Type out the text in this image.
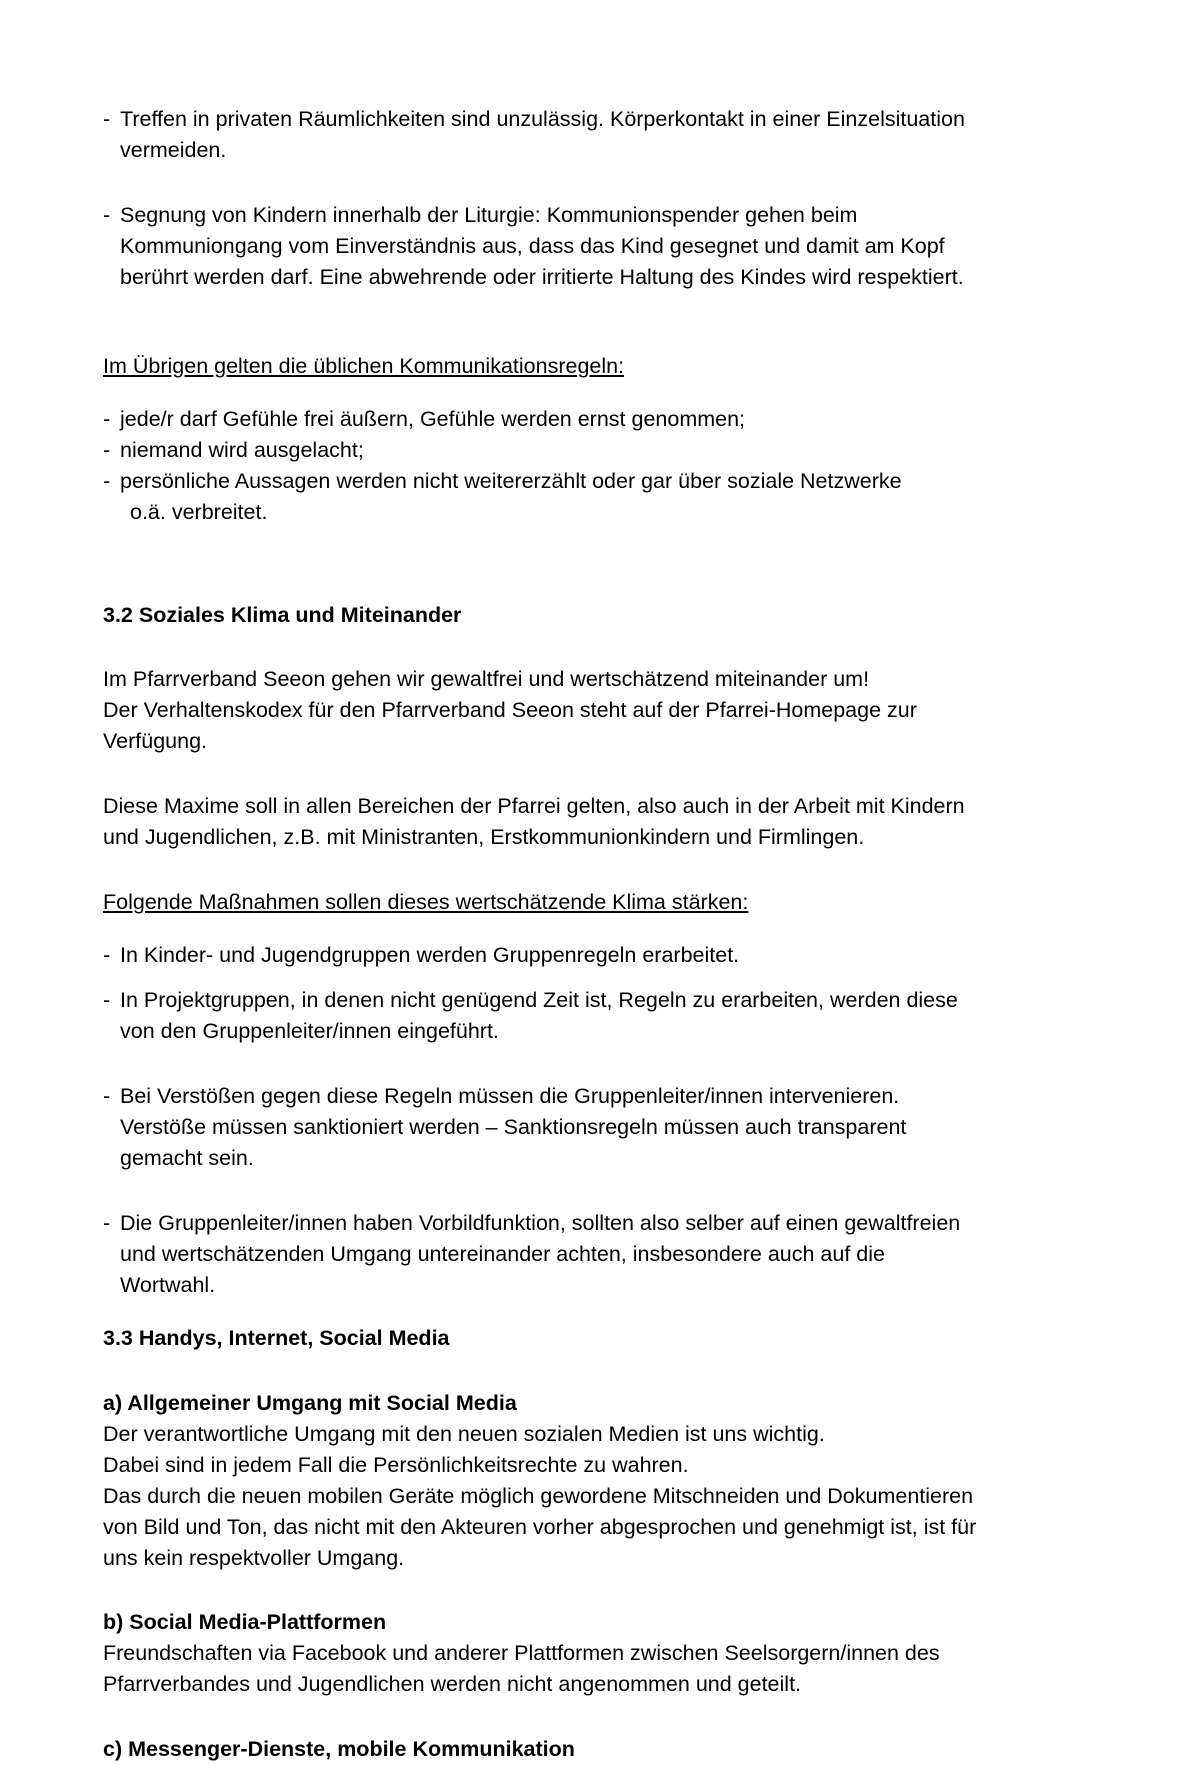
- Treffen in privaten Räumlichkeiten sind unzulässig. Körperkontakt in einer Einzelsituation
vermeiden.
- Segnung von Kindern innerhalb der Liturgie: Kommunionspender gehen beim
Kommuniongang vom Einverständnis aus, dass das Kind gesegnet und damit am Kopf
berührt werden darf. Eine abwehrende oder irritierte Haltung des Kindes wird respektiert.
Im Übrigen gelten die üblichen Kommunikationsregeln:
- jede/r darf Gefühle frei äußern, Gefühle werden ernst genommen;
- niemand wird ausgelacht;
- persönliche Aussagen werden nicht weitererzählt oder gar über soziale Netzwerke
o.ä. verbreitet.
3.2 Soziales Klima und Miteinander
Im Pfarrverband Seeon gehen wir gewaltfrei und wertschätzend miteinander um!
Der Verhaltenskodex für den Pfarrverband Seeon steht auf der Pfarrei-Homepage zur
Verfügung.
Diese Maxime soll in allen Bereichen der Pfarrei gelten, also auch in der Arbeit mit Kindern
und Jugendlichen, z.B. mit Ministranten, Erstkommunionkindern und Firmlingen.
Folgende Maßnahmen sollen dieses wertschätzende Klima stärken:
- In Kinder- und Jugendgruppen werden Gruppenregeln erarbeitet.
- In Projektgruppen, in denen nicht genügend Zeit ist, Regeln zu erarbeiten, werden diese
von den Gruppenleiter/innen eingeführt.
- Bei Verstößen gegen diese Regeln müssen die Gruppenleiter/innen intervenieren.
Verstöße müssen sanktioniert werden – Sanktionsregeln müssen auch transparent
gemacht sein.
- Die Gruppenleiter/innen haben Vorbildfunktion, sollten also selber auf einen gewaltfreien
und wertschätzenden Umgang untereinander achten, insbesondere auch auf die
Wortwahl.
3.3 Handys, Internet, Social Media
a) Allgemeiner Umgang mit Social Media
Der verantwortliche Umgang mit den neuen sozialen Medien ist uns wichtig.
Dabei sind in jedem Fall die Persönlichkeitsrechte zu wahren.
Das durch die neuen mobilen Geräte möglich gewordene Mitschneiden und Dokumentieren
von Bild und Ton, das nicht mit den Akteuren vorher abgesprochen und genehmigt ist, ist für
uns kein respektvoller Umgang.
b) Social Media-Plattformen
Freundschaften via Facebook und anderer Plattformen zwischen Seelsorgern/innen des
Pfarrverbandes und Jugendlichen werden nicht angenommen und geteilt.
c) Messenger-Dienste, mobile Kommunikation
